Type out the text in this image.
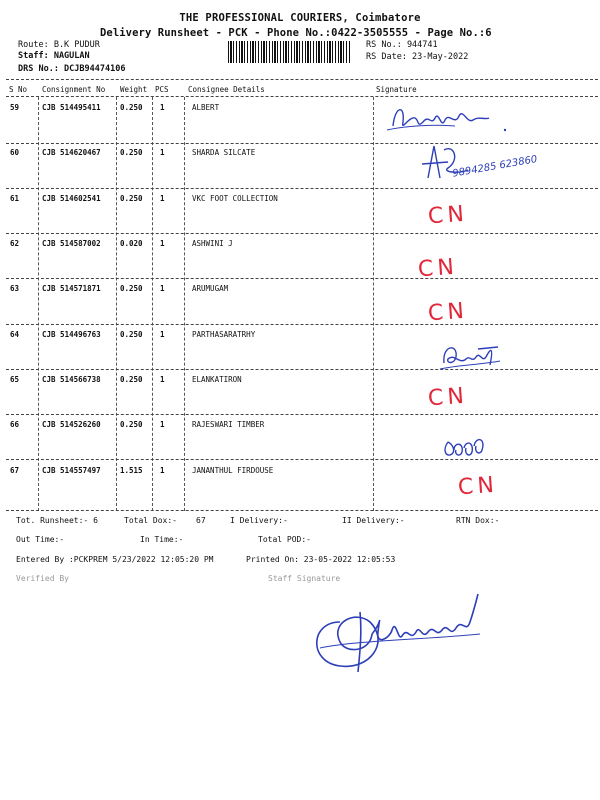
THE PROFESSIONAL COURIERS, Coimbatore
Delivery Runsheet - PCK - Phone No.:0422-3505555 - Page No.:6
Route: B.K PUDUR
Staff: NAGULAN
DRS No.: DCJB94474106
RS No.: 944741
RS Date: 23-May-2022
S No Consignment No Weight PCS	Consignee Details	Signature
59	CJB 514495411	0.250 1	ALBERT
60	CJB 514620467	0.250 1	SHARDA SILCATE
61	CJB 514602541	0.250 1	VKC FOOT COLLECTION
62	CJB 514587002	0.020 1	ASHWINI J
63	CJB 514571871	0.250 1	ARUMUGAM
64	CJB 514496763	0.250 1	PARTHASARATRHY
65	CJB 514566738	0.250 1	ELANKATIRON
66	CJB 514526260	0.250 1	RAJESWARI TIMBER
67	CJB 514557497	1.515 1	JANANTHUL FIRDOUSE
9894285 623860
CN
CN
CN
CN
CN
Tot. Runsheet:- 6	Total Dox:- 67	I Delivery:-	II Delivery:-	RTN Dox:-
Out Time:-	In Time:-	Total POD:-
Entered By :PCKPREM 5/23/2022 12:05:20 PM	Printed On: 23-05-2022 12:05:53
Verified By	Staff Signature
